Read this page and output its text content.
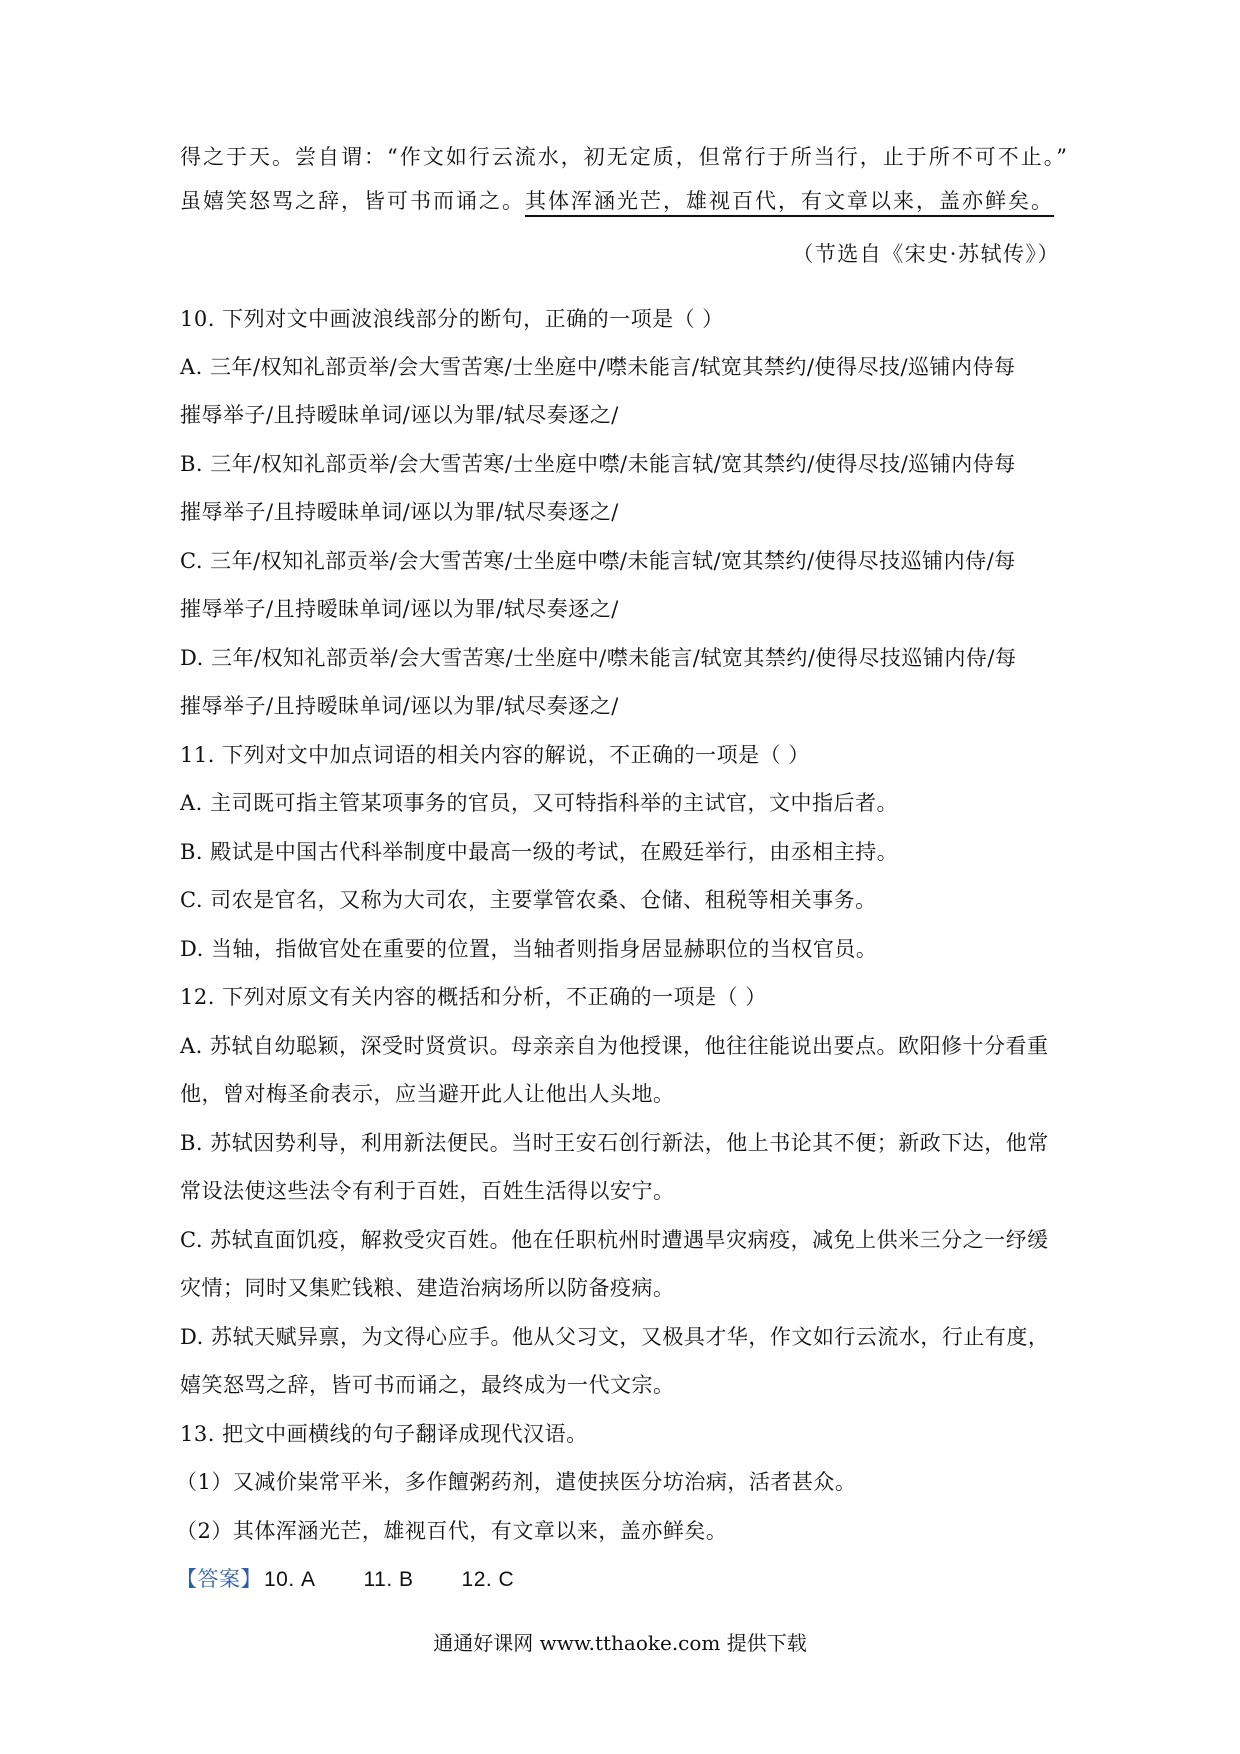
得之于天。尝自谓：“作文如行云流水，初无定质，但常行于所当行，止于所不可不止。”
虽嬉笑怒骂之辞，皆可书而诵之。其体浑涵光芒，雄视百代，有文章以来，盖亦鲜矣。
（节选自《宋史·苏轼传》）
10. 下列对文中画波浪线部分的断句，正确的一项是（ ）
A. 三年/权知礼部贡举/会大雪苦寒/士坐庭中/噤未能言/轼宽其禁约/使得尽技/巡铺内侍每
摧辱举子/且持暧昧单词/诬以为罪/轼尽奏逐之/
B. 三年/权知礼部贡举/会大雪苦寒/士坐庭中噤/未能言轼/宽其禁约/使得尽技/巡铺内侍每
摧辱举子/且持暧昧单词/诬以为罪/轼尽奏逐之/
C. 三年/权知礼部贡举/会大雪苦寒/士坐庭中噤/未能言轼/宽其禁约/使得尽技巡铺内侍/每
摧辱举子/且持暧昧单词/诬以为罪/轼尽奏逐之/
D. 三年/权知礼部贡举/会大雪苦寒/士坐庭中/噤未能言/轼宽其禁约/使得尽技巡铺内侍/每
摧辱举子/且持暧昧单词/诬以为罪/轼尽奏逐之/
11. 下列对文中加点词语的相关内容的解说，不正确的一项是（ ）
A. 主司既可指主管某项事务的官员，又可特指科举的主试官，文中指后者。
B. 殿试是中国古代科举制度中最高一级的考试，在殿廷举行，由丞相主持。
C. 司农是官名，又称为大司农，主要掌管农桑、仓储、租税等相关事务。
D. 当轴，指做官处在重要的位置，当轴者则指身居显赫职位的当权官员。
12. 下列对原文有关内容的概括和分析，不正确的一项是（ ）
A. 苏轼自幼聪颖，深受时贤赏识。母亲亲自为他授课，他往往能说出要点。欧阳修十分看重
他，曾对梅圣俞表示，应当避开此人让他出人头地。
B. 苏轼因势利导，利用新法便民。当时王安石创行新法，他上书论其不便；新政下达，他常
常设法使这些法令有利于百姓，百姓生活得以安宁。
C. 苏轼直面饥疫，解救受灾百姓。他在任职杭州时遭遇旱灾病疫，减免上供米三分之一纾缓
灾情；同时又集贮钱粮、建造治病场所以防备疫病。
D. 苏轼天赋异禀，为文得心应手。他从父习文，又极具才华，作文如行云流水，行止有度，
嬉笑怒骂之辞，皆可书而诵之，最终成为一代文宗。
13. 把文中画横线的句子翻译成现代汉语。
（1）又减价粜常平米，多作饘粥药剂，遣使挟医分坊治病，活者甚众。
（2）其体浑涵光芒，雄视百代，有文章以来，盖亦鲜矣。
【答案】10. A 11. B 12. C
通通好课网 www.tthaoke.com 提供下载
